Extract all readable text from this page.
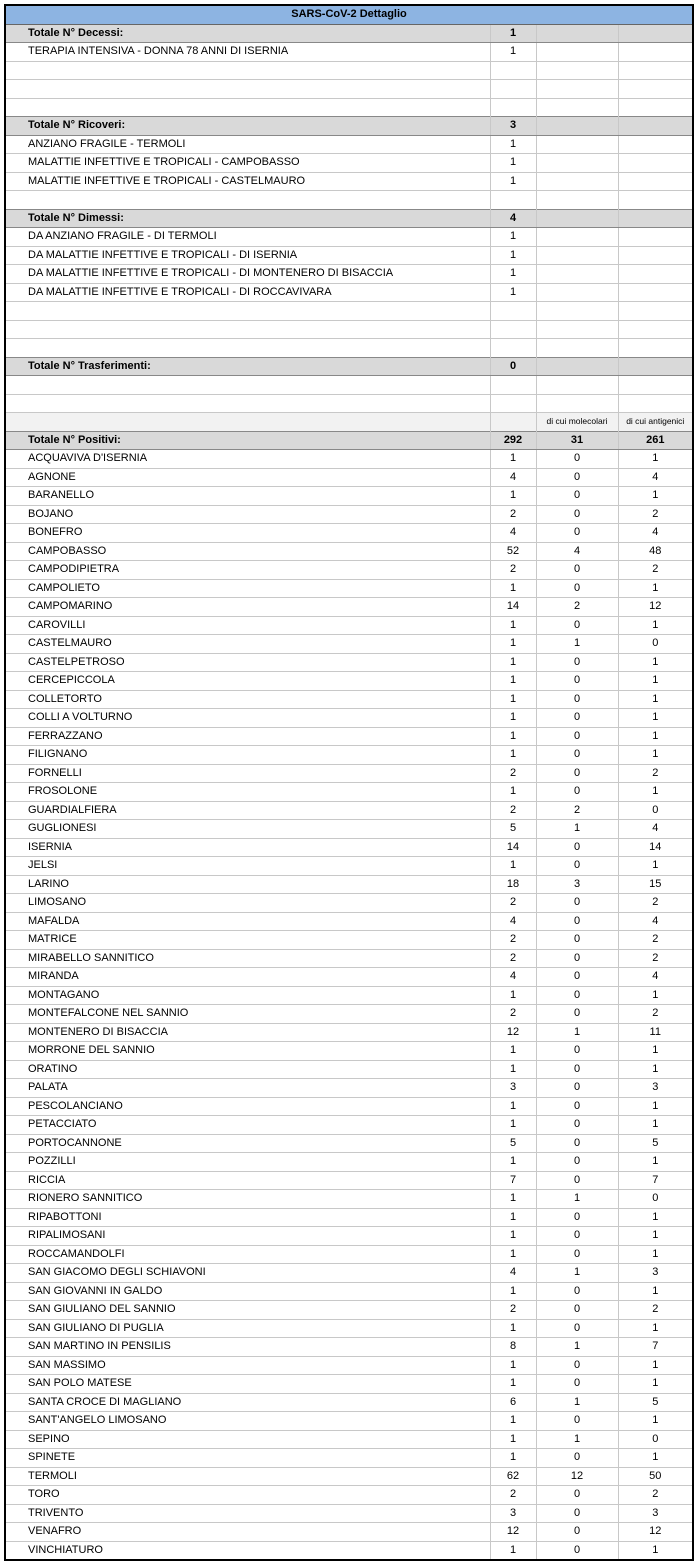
SARS-CoV-2 Dettaglio			
Totale N° Decessi:	1		
TERAPIA INTENSIVA - DONNA 78 ANNI DI ISERNIA	1		

Totale N° Ricoveri:	3		
ANZIANO FRAGILE - TERMOLI	1		
MALATTIE INFETTIVE E TROPICALI - CAMPOBASSO	1		
MALATTIE INFETTIVE E TROPICALI - CASTELMAURO	1		

Totale N° Dimessi:	4		
DA ANZIANO FRAGILE - DI TERMOLI	1		
DA MALATTIE INFETTIVE E TROPICALI - DI ISERNIA	1		
DA MALATTIE INFETTIVE E TROPICALI - DI MONTENERO DI BISACCIA	1		
DA MALATTIE INFETTIVE E TROPICALI - DI ROCCAVIVARA	1		

Totale N° Trasferimenti:	0		

		di cui molecolari	di cui antigenici
Totale N° Positivi:	292	31	261
ACQUAVIVA D'ISERNIA	1	0	1
AGNONE	4	0	4
BARANELLO	1	0	1
BOJANO	2	0	2
BONEFRO	4	0	4
CAMPOBASSO	52	4	48
CAMPODIPIETRA	2	0	2
CAMPOLIETO	1	0	1
CAMPOMARINO	14	2	12
CAROVILLI	1	0	1
CASTELMAURO	1	1	0
CASTELPETROSO	1	0	1
CERCEPICCOLA	1	0	1
COLLETORTO	1	0	1
COLLI A VOLTURNO	1	0	1
FERRAZZANO	1	0	1
FILIGNANO	1	0	1
FORNELLI	2	0	2
FROSOLONE	1	0	1
GUARDIALFIERA	2	2	0
GUGLIONESI	5	1	4
ISERNIA	14	0	14
JELSI	1	0	1
LARINO	18	3	15
LIMOSANO	2	0	2
MAFALDA	4	0	4
MATRICE	2	0	2
MIRABELLO SANNITICO	2	0	2
MIRANDA	4	0	4
MONTAGANO	1	0	1
MONTEFALCONE NEL SANNIO	2	0	2
MONTENERO DI BISACCIA	12	1	11
MORRONE DEL SANNIO	1	0	1
ORATINO	1	0	1
PALATA	3	0	3
PESCOLANCIANO	1	0	1
PETACCIATO	1	0	1
PORTOCANNONE	5	0	5
POZZILLI	1	0	1
RICCIA	7	0	7
RIONERO SANNITICO	1	1	0
RIPABOTTONI	1	0	1
RIPALIMOSANI	1	0	1
ROCCAMANDOLFI	1	0	1
SAN GIACOMO DEGLI SCHIAVONI	4	1	3
SAN GIOVANNI IN GALDO	1	0	1
SAN GIULIANO DEL SANNIO	2	0	2
SAN GIULIANO DI PUGLIA	1	0	1
SAN MARTINO IN PENSILIS	8	1	7
SAN MASSIMO	1	0	1
SAN POLO MATESE	1	0	1
SANTA CROCE DI MAGLIANO	6	1	5
SANT'ANGELO LIMOSANO	1	0	1
SEPINO	1	1	0
SPINETE	1	0	1
TERMOLI	62	12	50
TORO	2	0	2
TRIVENTO	3	0	3
VENAFRO	12	0	12
VINCHIATURO	1	0	1
